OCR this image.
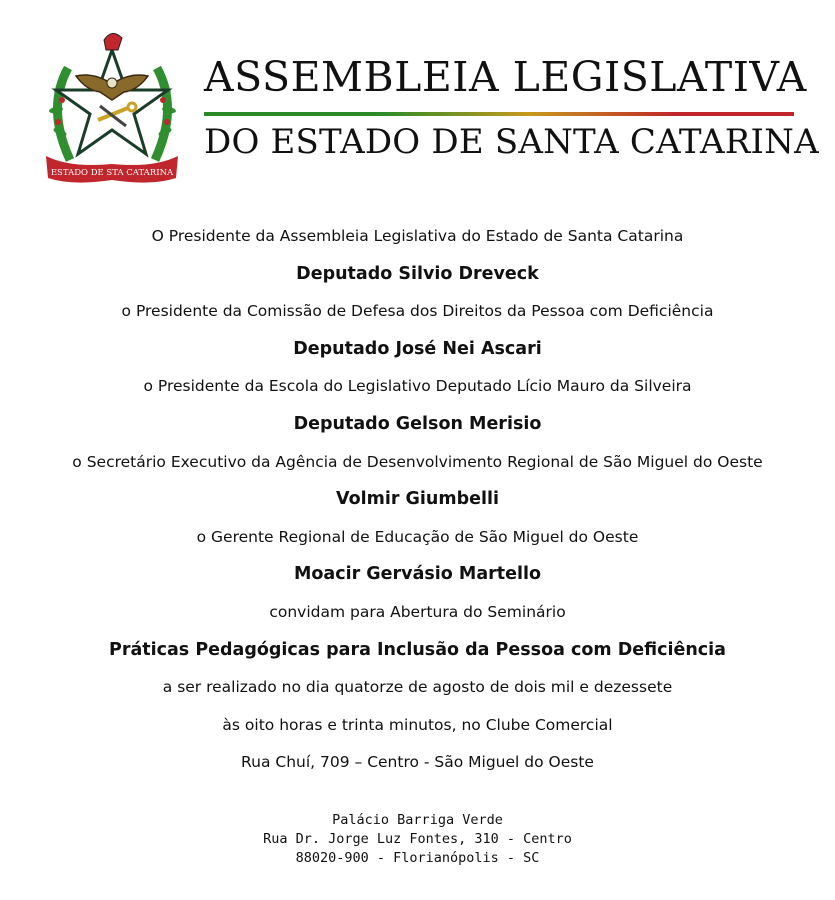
ESTADO DE STA CATARINA
ASSEMBLEIA LEGISLATIVA
DO ESTADO DE SANTA CATARINA
O Presidente da Assembleia Legislativa do Estado de Santa Catarina
Deputado Silvio Dreveck
o Presidente da Comissão de Defesa dos Direitos da Pessoa com Deficiência
Deputado José Nei Ascari
o Presidente da Escola do Legislativo Deputado Lício Mauro da Silveira
Deputado Gelson Merisio
o Secretário Executivo da Agência de Desenvolvimento Regional de São Miguel do Oeste
Volmir Giumbelli
o Gerente Regional de Educação de São Miguel do Oeste
Moacir Gervásio Martello
convidam para Abertura do Seminário
Práticas Pedagógicas para Inclusão da Pessoa com Deficiência
a ser realizado no dia quatorze de agosto de dois mil e dezessete
às oito horas e trinta minutos, no Clube Comercial
Rua Chuí, 709 – Centro - São Miguel do Oeste
Palácio Barriga Verde
Rua Dr. Jorge Luz Fontes, 310 - Centro
88020-900 - Florianópolis - SC
